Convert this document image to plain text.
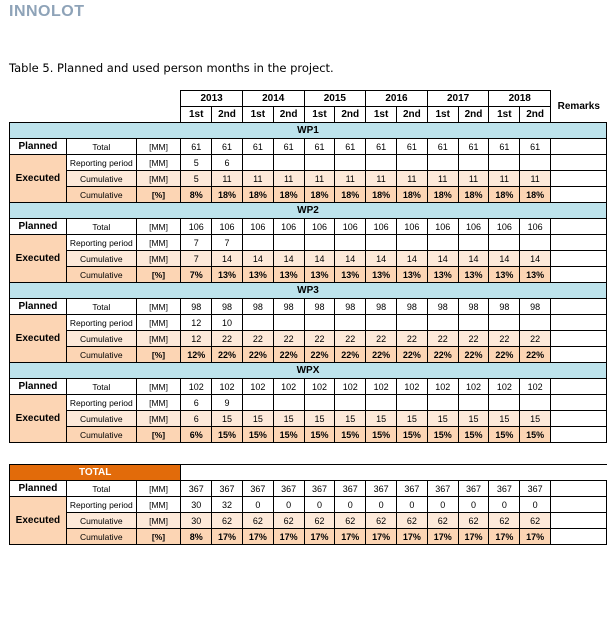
INNOLOT
Table 5. Planned and used person months in the project.
			2013		2014		2015		2016		2017		2018		Remarks
			1st	2nd	1st	2nd	1st	2nd	1st	2nd	1st	2nd	1st	2nd	
WP1															
Planned	Total	[MM]	61	61	61	61	61	61	61	61	61	61	61	61	
Executed	Reporting period	[MM]	5	6											
	Cumulative	[MM]	5	11	11	11	11	11	11	11	11	11	11	11	
	Cumulative	[%]	8%	18%	18%	18%	18%	18%	18%	18%	18%	18%	18%	18%	
WP2															
Planned	Total	[MM]	106	106	106	106	106	106	106	106	106	106	106	106	
Executed	Reporting period	[MM]	7	7											
	Cumulative	[MM]	7	14	14	14	14	14	14	14	14	14	14	14	
	Cumulative	[%]	7%	13%	13%	13%	13%	13%	13%	13%	13%	13%	13%	13%	
WP3															
Planned	Total	[MM]	98	98	98	98	98	98	98	98	98	98	98	98	
Executed	Reporting period	[MM]	12	10											
	Cumulative	[MM]	12	22	22	22	22	22	22	22	22	22	22	22	
	Cumulative	[%]	12%	22%	22%	22%	22%	22%	22%	22%	22%	22%	22%	22%	
WPX															
Planned	Total	[MM]	102	102	102	102	102	102	102	102	102	102	102	102	
Executed	Reporting period	[MM]	6	9											
	Cumulative	[MM]	6	15	15	15	15	15	15	15	15	15	15	15	
	Cumulative	[%]	6%	15%	15%	15%	15%	15%	15%	15%	15%	15%	15%	15%	

TOTAL															
Planned	Total	[MM]	367	367	367	367	367	367	367	367	367	367	367	367	
Executed	Reporting period	[MM]	30	32	0	0	0	0	0	0	0	0	0	0	
	Cumulative	[MM]	30	62	62	62	62	62	62	62	62	62	62	62	
	Cumulative	[%]	8%	17%	17%	17%	17%	17%	17%	17%	17%	17%	17%	17%	
